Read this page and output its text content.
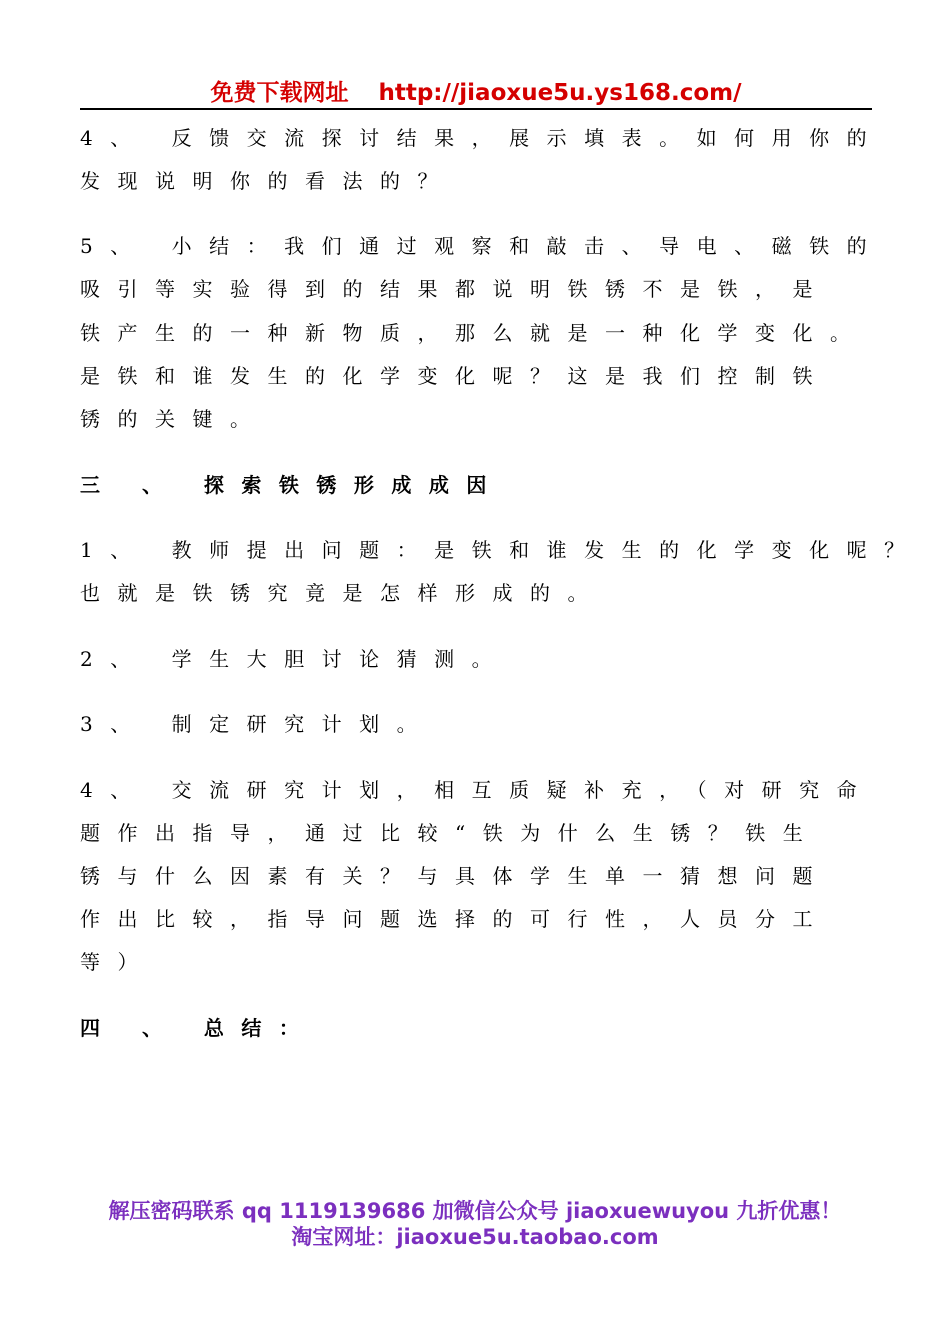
免费下载网址 http://jiaoxue5u.ys168.com/
4、 反馈交流探讨结果，展示填表。如何用你的
发现说明你的看法的？
5、 小结：我们通过观察和敲击、导电、磁铁的
吸引等实验得到的结果都说明铁锈不是铁，是
铁产生的一种新物质，那么就是一种化学变化。
是铁和谁发生的化学变化呢？这是我们控制铁
锈的关键。
三 、 探索铁锈形成成因
1、 教师提出问题：是铁和谁发生的化学变化呢？
也就是铁锈究竟是怎样形成的。
2、 学生大胆讨论猜测。
3、 制定研究计划。
4、 交流研究计划，相互质疑补充，（对研究命
题作出指导，通过比较“铁为什么生锈？铁生
锈与什么因素有关？与具体学生单一猜想问题
作出比较，指导问题选择的可行性，人员分工
等）
四 、 总结：
解压密码联系 qq 1119139686 加微信公众号 jiaoxuewuyou 九折优惠！
淘宝网址：jiaoxue5u.taobao.com
